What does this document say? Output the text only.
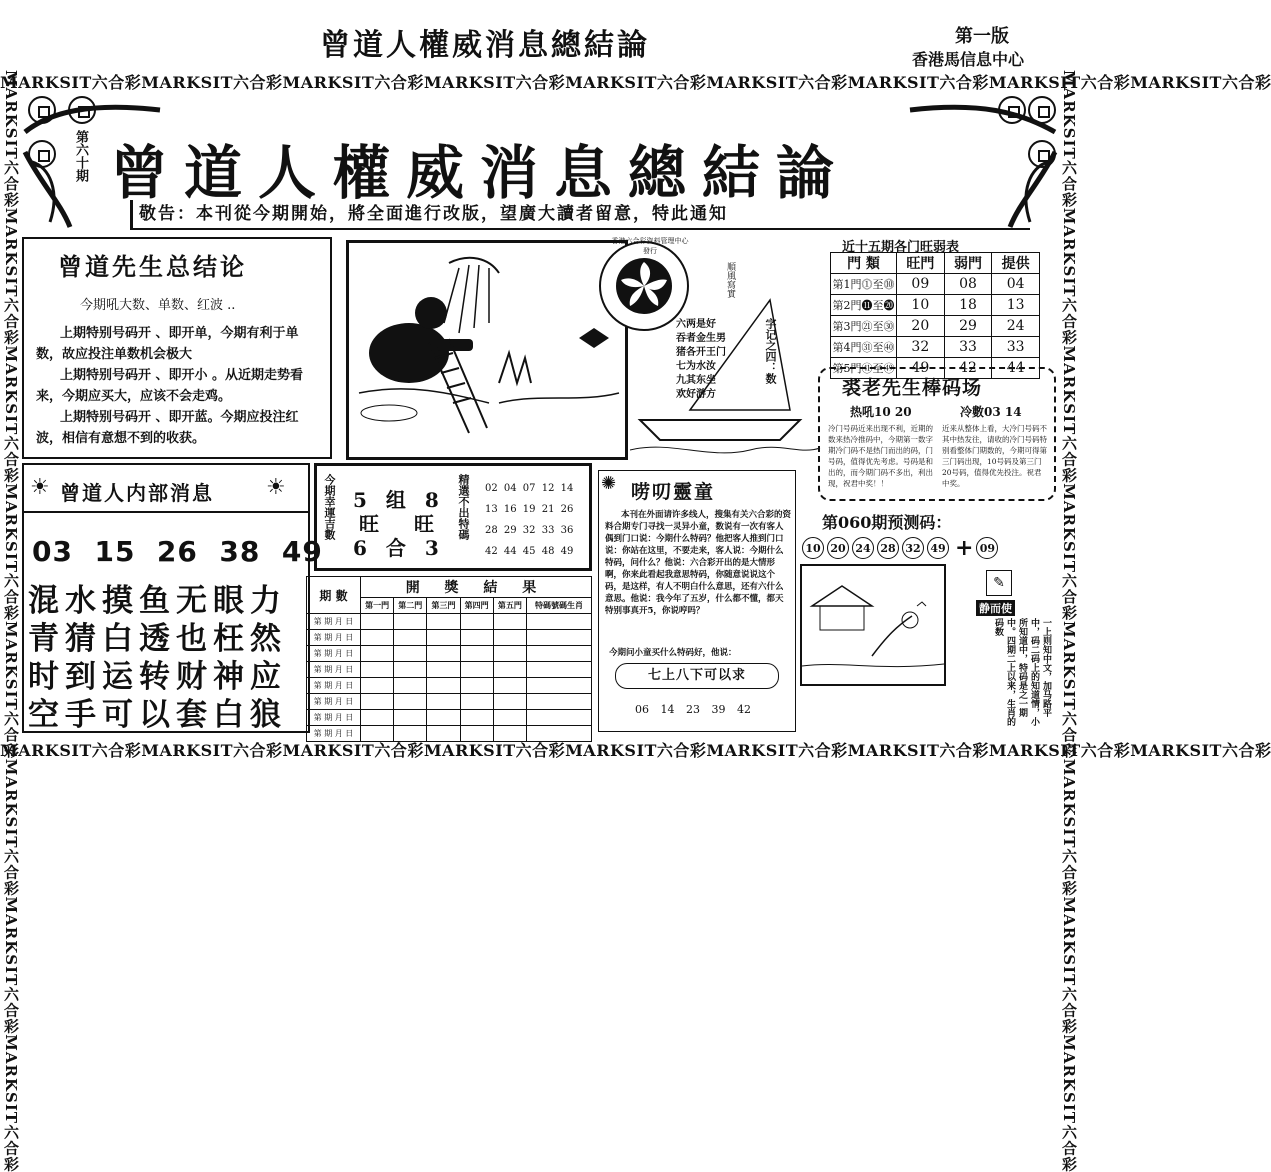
曾道人權威消息總結論	第一版
香港馬信息中心
MARKSIT六合彩MARKSIT六合彩MARKSIT六合彩MARKSIT六合彩MARKSIT六合彩MARKSIT六合彩MARKSIT六合彩MARKSIT六合彩MARKSIT六合彩
MARKSIT六合彩MARKSIT六合彩MARKSIT六合彩MARKSIT六合彩MARKSIT六合彩MARKSIT六合彩MARKSIT六合彩MARKSIT六合彩MARKSIT六合彩
MARKSIT六合彩MARKSIT六合彩MARKSIT六合彩MARKSIT六合彩MARKSIT六合彩MARKSIT六合彩MARKSIT六合彩MARKSIT六合彩	MARKSIT六合彩MARKSIT六合彩MARKSIT六合彩MARKSIT六合彩MARKSIT六合彩MARKSIT六合彩MARKSIT六合彩MARKSIT六合彩
第六十期 曾道人權威消息總結論
敬告：本刊從今期開始，將全面進行改版，望廣大讀者留意，特此通知
曾道先生总结论
今期吼大数、单数、红波 ..
上期特别号码开 、即开单，今期有利于单数，故应投注单数机会极大
上期特别号码开 、即开小 。从近期走势看来，今期应买大，应该不会走鸡。
上期特别号码开 、即开蓝。今期应投注红波，相信有意想不到的收获。
香港六合彩資料管理中心發行
順風寫實
六两是好
吞者金生男
猪各开王门
七为水汝
九其东坐
欢好游方
字记之四：数
近十五期各门旺弱表
門 類	旺門	弱門	提供
第1門⓵至⓾	09	08	04
第2門⓫至⓴	10	18	13
第3門㉑至㉚	20	29	24
第4門㉛至㊵	32	33	33
第5門㊶至㊾	49	42	44
裘老先生棒码场
热吼10 20	冷數03 14
冷门号码近来出现不利，近期的数来热冷推码中，今期第一数字期冷门码不是热门而出的码，门号码，值得优先考虑。号码是和出的，而今期门码不多出，利出现，祝君中奖！！
近来从整体上看，大冷门号码不其中热发往，请收的冷门号码特别看整体门期数的，今期可得第三门码出现，10号码及第三门20号码，值得优先投注。祝君中奖。
☀ 曾道人内部消息 ☀
03  15  26  38  49
混水摸鱼无眼力
青猜白透也枉然
时到运转财神应
空手可以套白狼
今期幸運吉數 5 组 8
旺 旺
6 合 3
精選不出特碼 02 04 07 12 14
13 16 19 21 26
28 29 32 33 36
42 44 45 48 49
期 數	開 獎 結 果					
	第一門	第二門	第三門	第四門	第五門	特碼號碼生肖
第 期 月 日						
第 期 月 日						
第 期 月 日						
第 期 月 日						
第 期 月 日						
第 期 月 日						
第 期 月 日						
第 期 月 日						
✺ 唠叨靈童
本刊在外面请许多线人，搜集有关六合彩的资料合期专门寻找一灵异小童，数说有一次有客人偶到门口说：今期什么特码？他把客人推到门口说：你站在这里，不要走来，客人说：今期什么特码，问什么？他说：六合彩开出的是大情形啊，你来此看起我意思特码，你随意说说这个码，是这样，有人不明白什么意思，还有六什么意思。他说：我今年了五岁，什么都不懂，都天特别事真开5，你说哼吗？
今期问小童买什么特码好，他说：
七上八下可以求
06 14 23 39 42
第060期预测码：
10 20 24 28 32 49 + 09
✎
静而使
一上则知中文，加马路平中，码二码上的知道情，小所知道中，特码是之一期中。四期二上以来，生肖的码数
